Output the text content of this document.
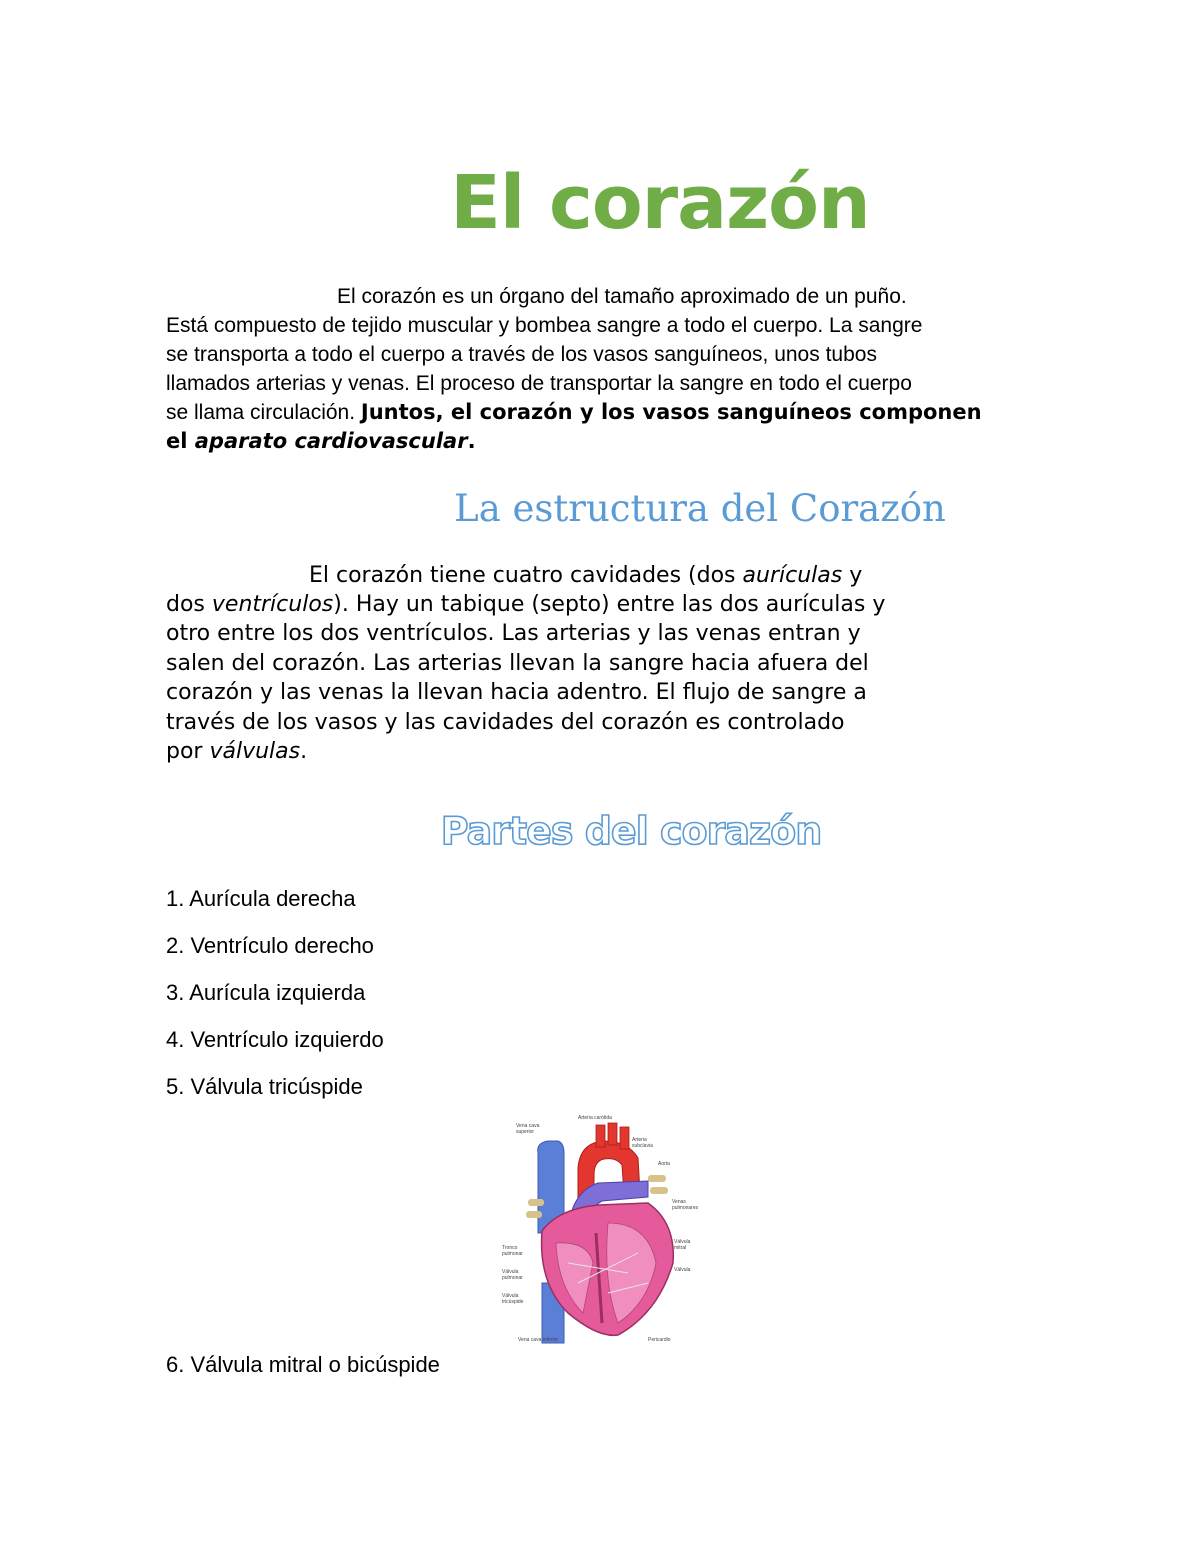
El corazón
El corazón es un órgano del tamaño aproximado de un puño.
Está compuesto de tejido muscular y bombea sangre a todo el cuerpo. La sangre
se transporta a todo el cuerpo a través de los vasos sanguíneos, unos tubos
llamados arterias y venas. El proceso de transportar la sangre en todo el cuerpo
se llama circulación. Juntos, el corazón y los vasos sanguíneos componen
el aparato cardiovascular.
La estructura del Corazón
El corazón tiene cuatro cavidades (dos aurículas y
dos ventrículos). Hay un tabique (septo) entre las dos aurículas y
otro entre los dos ventrículos. Las arterias y las venas entran y
salen del corazón. Las arterias llevan la sangre hacia afuera del
corazón y las venas la llevan hacia adentro. El flujo de sangre a
través de los vasos y las cavidades del corazón es controlado
por válvulas.
Partes del corazón
1. Aurícula derecha
2. Ventrículo derecho
3. Aurícula izquierda
4. Ventrículo izquierdo
5. Válvula tricúspide
Vena cava
superior
Arteria carótida
Arteria
subclavia
Aorta
Venas
pulmonares
Válvula
mitral
Válvula
Tronco
pulmonar
Válvula
pulmonar
Válvula
tricúspide
Vena cava inferior	Pericardio
6. Válvula mitral o bicúspide
